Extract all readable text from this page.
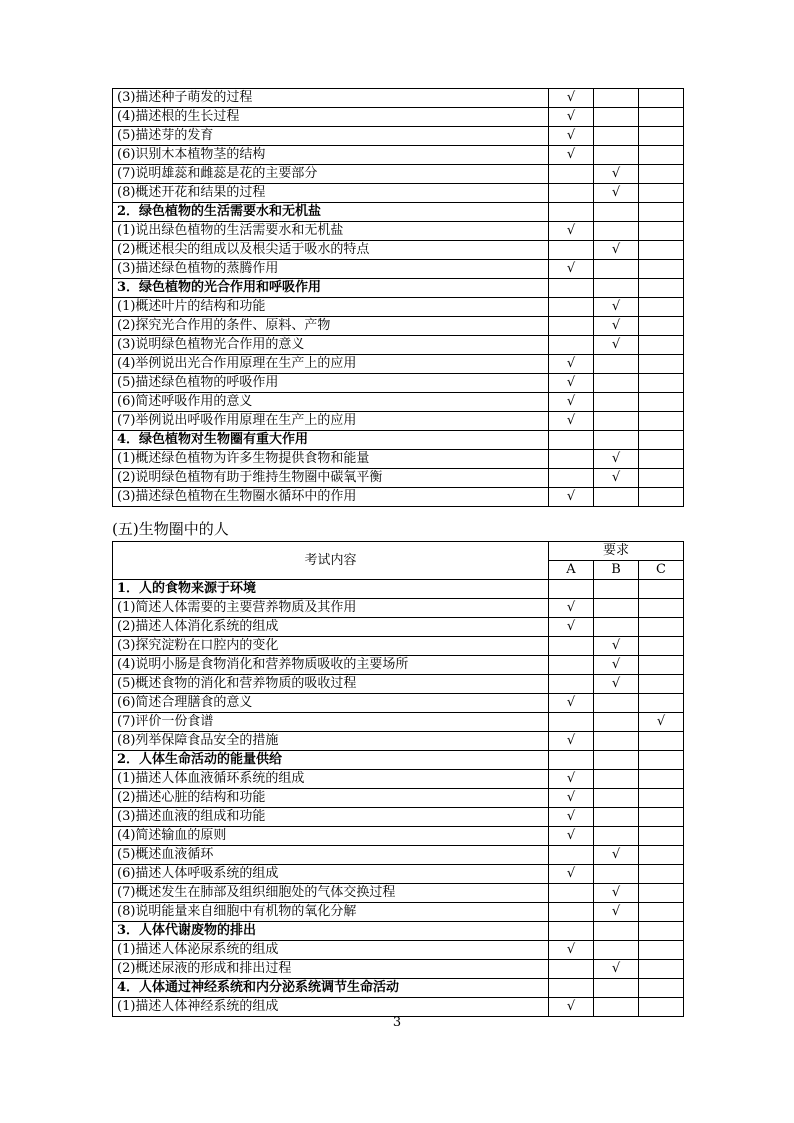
(3)描述种子萌发的过程	√		
(4)描述根的生长过程	√		
(5)描述芽的发育	√		
(6)识别木本植物茎的结构	√		
(7)说明雄蕊和雌蕊是花的主要部分		√	
(8)概述开花和结果的过程		√	
2．绿色植物的生活需要水和无机盐			
(1)说出绿色植物的生活需要水和无机盐	√		
(2)概述根尖的组成以及根尖适于吸水的特点		√	
(3)描述绿色植物的蒸腾作用	√		
3．绿色植物的光合作用和呼吸作用			
(1)概述叶片的结构和功能		√	
(2)探究光合作用的条件、原料、产物		√	
(3)说明绿色植物光合作用的意义		√	
(4)举例说出光合作用原理在生产上的应用	√		
(5)描述绿色植物的呼吸作用	√		
(6)简述呼吸作用的意义	√		
(7)举例说出呼吸作用原理在生产上的应用	√		
4．绿色植物对生物圈有重大作用			
(1)概述绿色植物为许多生物提供食物和能量		√	
(2)说明绿色植物有助于维持生物圈中碳氧平衡		√	
(3)描述绿色植物在生物圈水循环中的作用	√		
(五)生物圈中的人
考试内容	要求		
	A	B	C
1．人的食物来源于环境			
(1)简述人体需要的主要营养物质及其作用	√		
(2)描述人体消化系统的组成	√		
(3)探究淀粉在口腔内的变化		√	
(4)说明小肠是食物消化和营养物质吸收的主要场所		√	
(5)概述食物的消化和营养物质的吸收过程		√	
(6)简述合理膳食的意义	√		
(7)评价一份食谱			√
(8)列举保障食品安全的措施	√		
2．人体生命活动的能量供给			
(1)描述人体血液循环系统的组成	√		
(2)描述心脏的结构和功能	√		
(3)描述血液的组成和功能	√		
(4)简述输血的原则	√		
(5)概述血液循环		√	
(6)描述人体呼吸系统的组成	√		
(7)概述发生在肺部及组织细胞处的气体交换过程		√	
(8)说明能量来自细胞中有机物的氧化分解		√	
3．人体代谢废物的排出			
(1)描述人体泌尿系统的组成	√		
(2)概述尿液的形成和排出过程		√	
4．人体通过神经系统和内分泌系统调节生命活动			
(1)描述人体神经系统的组成	√		
3
